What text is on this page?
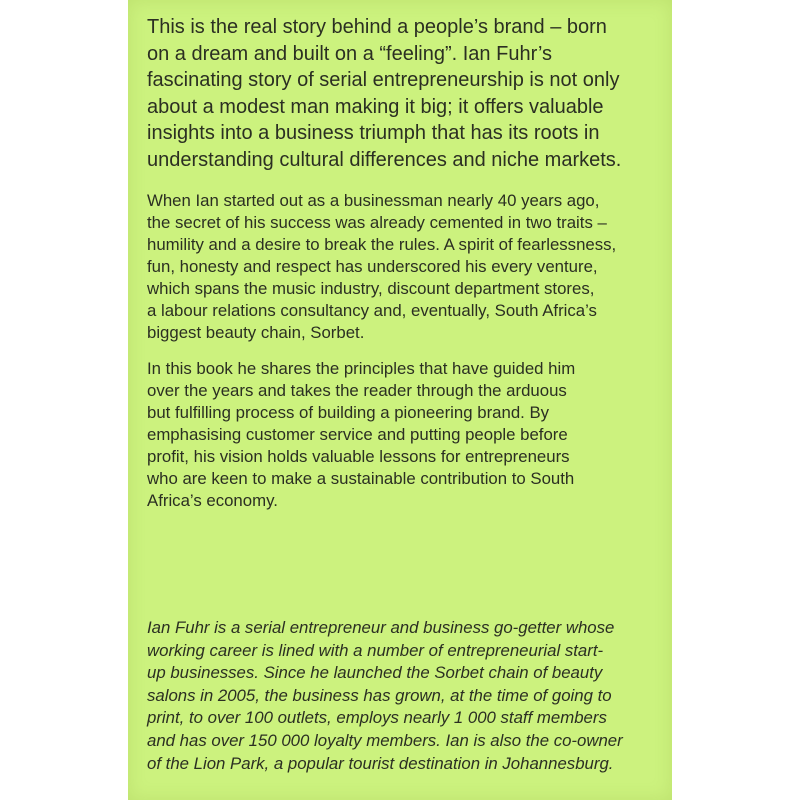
This is the real story behind a people’s brand – born

on a dream and built on a “feeling”. Ian Fuhr’s

fascinating story of serial entrepreneurship is not only

about a modest man making it big; it offers valuable

insights into a business triumph that has its roots in

understanding cultural differences and niche markets.

When Ian started out as a businessman nearly 40 years ago,

the secret of his success was already cemented in two traits –

humility and a desire to break the rules. A spirit of fearlessness,

fun, honesty and respect has underscored his every venture,

which spans the music industry, discount department stores,

a labour relations consultancy and, eventually, South Africa’s

biggest beauty chain, Sorbet.

In this book he shares the principles that have guided him

over the years and takes the reader through the arduous

but fulfilling process of building a pioneering brand. By

emphasising customer service and putting people before

profit, his vision holds valuable lessons for entrepreneurs

who are keen to make a sustainable contribution to South

Africa’s economy.

Ian Fuhr is a serial entrepreneur and business go-getter whose

working career is lined with a number of entrepreneurial start-

up businesses. Since he launched the Sorbet chain of beauty

salons in 2005, the business has grown, at the time of going to

print, to over 100 outlets, employs nearly 1 000 staff members

and has over 150 000 loyalty members. Ian is also the co-owner

of the Lion Park, a popular tourist destination in Johannesburg.
